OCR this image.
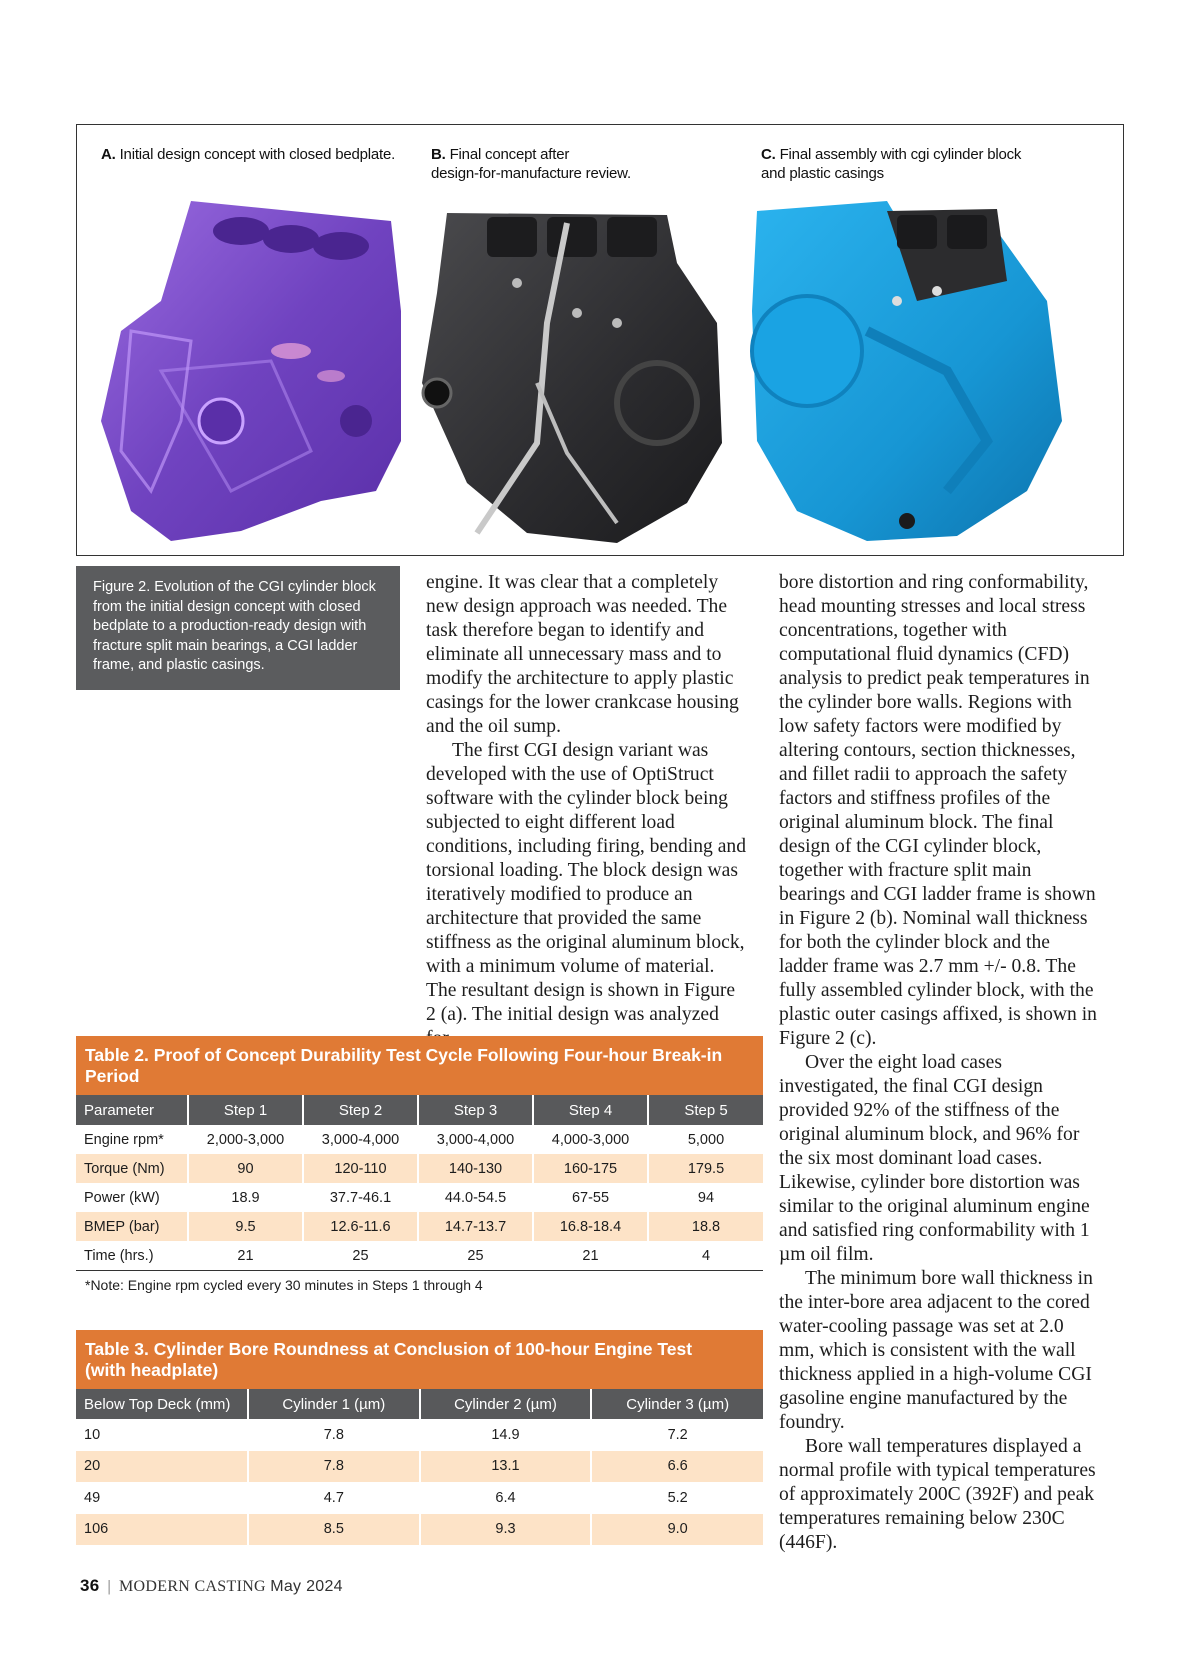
A. Initial design concept with closed bedplate. B. Final concept after
design-for-manufacture review.
C. Final assembly with cgi cylinder block
and plastic casings
Figure 2. Evolution of the CGI cylinder block from the initial design concept with closed bedplate to a production-ready design with fracture split main bearings, a CGI ladder frame, and plastic casings.

engine. It was clear that a completely new design approach was needed. The task therefore began to identify and eliminate all unnecessary mass and to modify the architecture to apply plastic casings for the lower crankcase housing and the oil sump.

The first CGI design variant was developed with the use of OptiStruct software with the cylinder block being subjected to eight different load conditions, including firing, bending and torsional loading. The block design was iteratively modified to produce an architecture that provided the same stiffness as the original aluminum block, with a minimum volume of material. The resultant design is shown in Figure 2 (a). The initial design was analyzed

bore distortion and ring conformability, head mounting stresses and local stress concentrations, together with computational fluid dynamics (CFD) analysis to predict peak temperatures in the cylinder bore walls. Regions with low safety factors were modified by altering contours, section thicknesses, and fillet radii to approach the safety factors and stiffness profiles of the original aluminum block. The final design of the CGI cylinder block, together with fracture split main bearings and CGI ladder frame is shown in Figure 2 (b). Nominal wall thickness for both the cylinder block and the ladder frame was 2.7 mm +/- 0.8. The fully assembled cylinder block, with the plastic outer casings affixed, is shown in Figure 2 (c).

Over the eight load cases investigated, the final CGI design provided 92% of the stiffness of the original aluminum block, and 96% for the six most dominant load cases. Likewise, cylinder bore distortion was similar to the original aluminum engine and satisfied ring conformability with 1 µm oil film.

The minimum bore wall thickness in the inter-bore area adjacent to the cored water-cooling passage was set at 2.0 mm, which is consistent with the wall thickness applied in a high-volume CGI gasoline engine manufactured by the foundry.

Bore wall temperatures displayed a normal profile with typical temperatures of approximately 200C (392F) and peak temperatures remaining below 230C (446F).

Table 2. Proof of Concept Durability Test Cycle Following Four-hour Break-in Period
Parameter	Step 1	Step 2	Step 3	Step 4	Step 5
Engine rpm*	2,000-3,000	3,000-4,000	3,000-4,000	4,000-3,000	5,000
Torque (Nm)	90	120-110	140-130	160-175	179.5
Power (kW)	18.9	37.7-46.1	44.0-54.5	67-55	94
BMEP (bar)	9.5	12.6-11.6	14.7-13.7	16.8-18.4	18.8
Time (hrs.)	21	25	25	21	4
*Note: Engine rpm cycled every 30 minutes in Steps 1 through 4
Table 3. Cylinder Bore Roundness at Conclusion of 100-hour Engine Test
(with headplate)
Below Top Deck (mm)	Cylinder 1 (µm)	Cylinder 2 (µm)	Cylinder 3 (µm)
10	7.8	14.9	7.2
20	7.8	13.1	6.6
49	4.7	6.4	5.2
106	8.5	9.3	9.0
36 | MODERN CASTING May 2024
